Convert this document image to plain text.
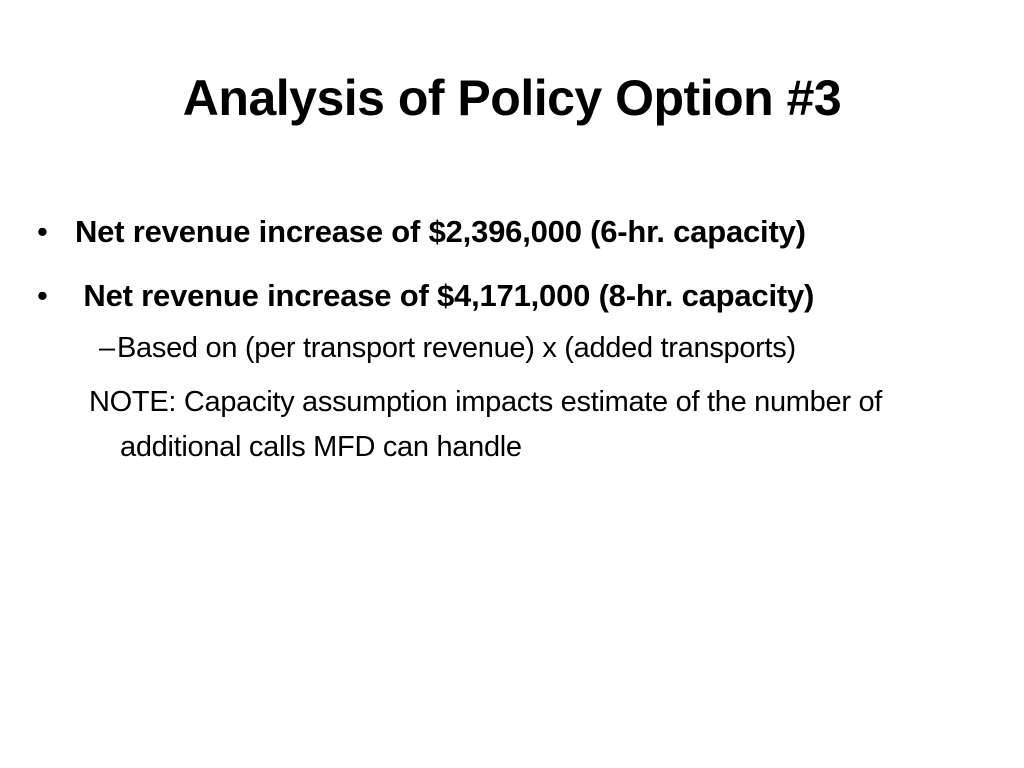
Analysis of Policy Option #3
• Net revenue increase of $2,396,000 (6-hr. capacity)
• Net revenue increase of $4,171,000 (8-hr. capacity)
– Based on (per transport revenue) x (added transports)
NOTE: Capacity assumption impacts estimate of the number of additional calls MFD can handle
